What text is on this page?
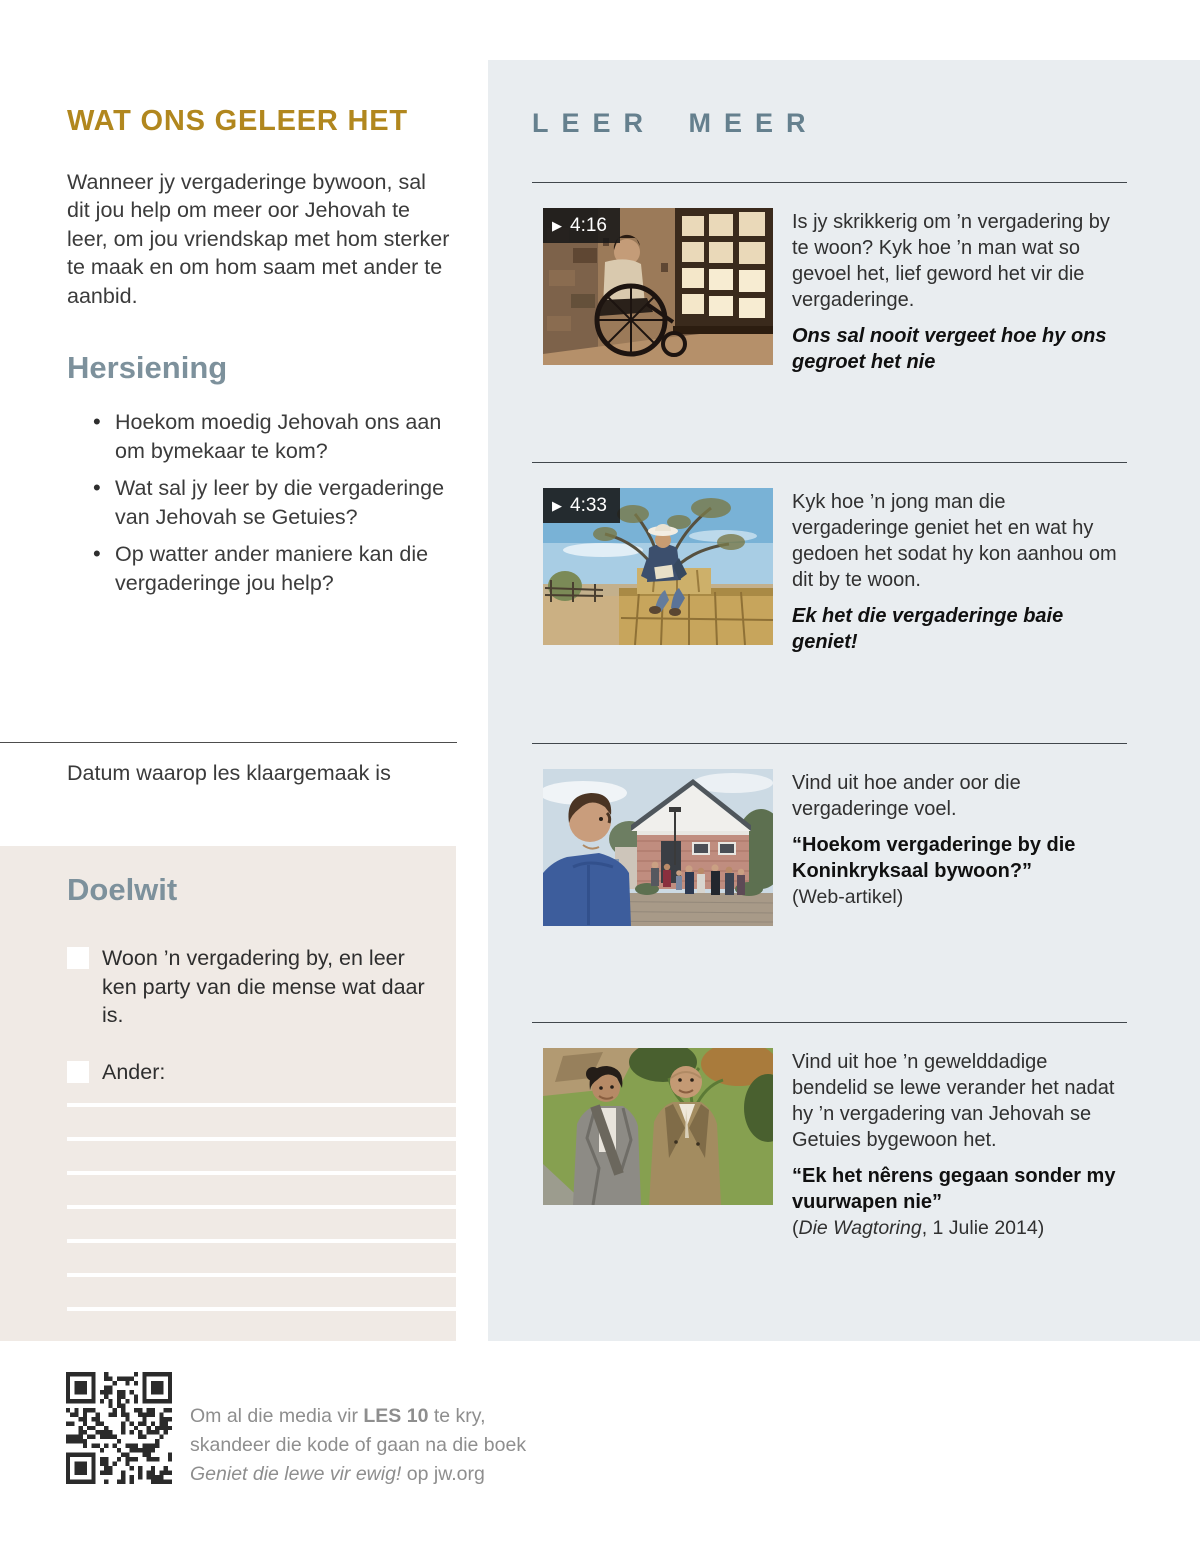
WAT ONS GELEER HET

Wanneer jy vergaderinge bywoon, sal dit jou help om meer oor Jehovah te leer, om jou vriendskap met hom sterker te maak en om hom saam met ander te aanbid.

Hersiening
• Hoekom moedig Jehovah ons aan om bymekaar te kom?
• Wat sal jy leer by die vergaderinge van Jehovah se Getuies?
• Op watter ander maniere kan die vergaderinge jou help?
Datum waarop les klaargemaak is
Doelwit
Woon ’n vergadering by, en leer ken party van die mense wat daar is.
Ander:
Om al die media vir LES 10 te kry,
skandeer die kode of gaan na die boek
Geniet die lewe vir ewig! op jw.org
LEER MEER
▶ 4:16	Is jy skrikkerig om ’n vergadering by te woon? Kyk hoe ’n man wat so gevoel het, lief geword het vir die vergaderinge.

Ons sal nooit vergeet hoe hy ons gegroet het nie
▶ 4:33	Kyk hoe ’n jong man die vergaderinge geniet het en wat hy gedoen het sodat hy kon aanhou om dit by te woon.

Ek het die vergaderinge baie geniet!

Vind uit hoe ander oor die vergaderinge voel.

“Hoekom vergaderinge by die Koninkryksaal bywoon?”
(Web-artikel)

Vind uit hoe ’n gewelddadige bendelid se lewe verander het nadat hy ’n vergadering van Jehovah se Getuies bygewoon het.

“Ek het nêrens gegaan sonder my vuurwapen nie”
(Die Wagtoring, 1 Julie 2014)
